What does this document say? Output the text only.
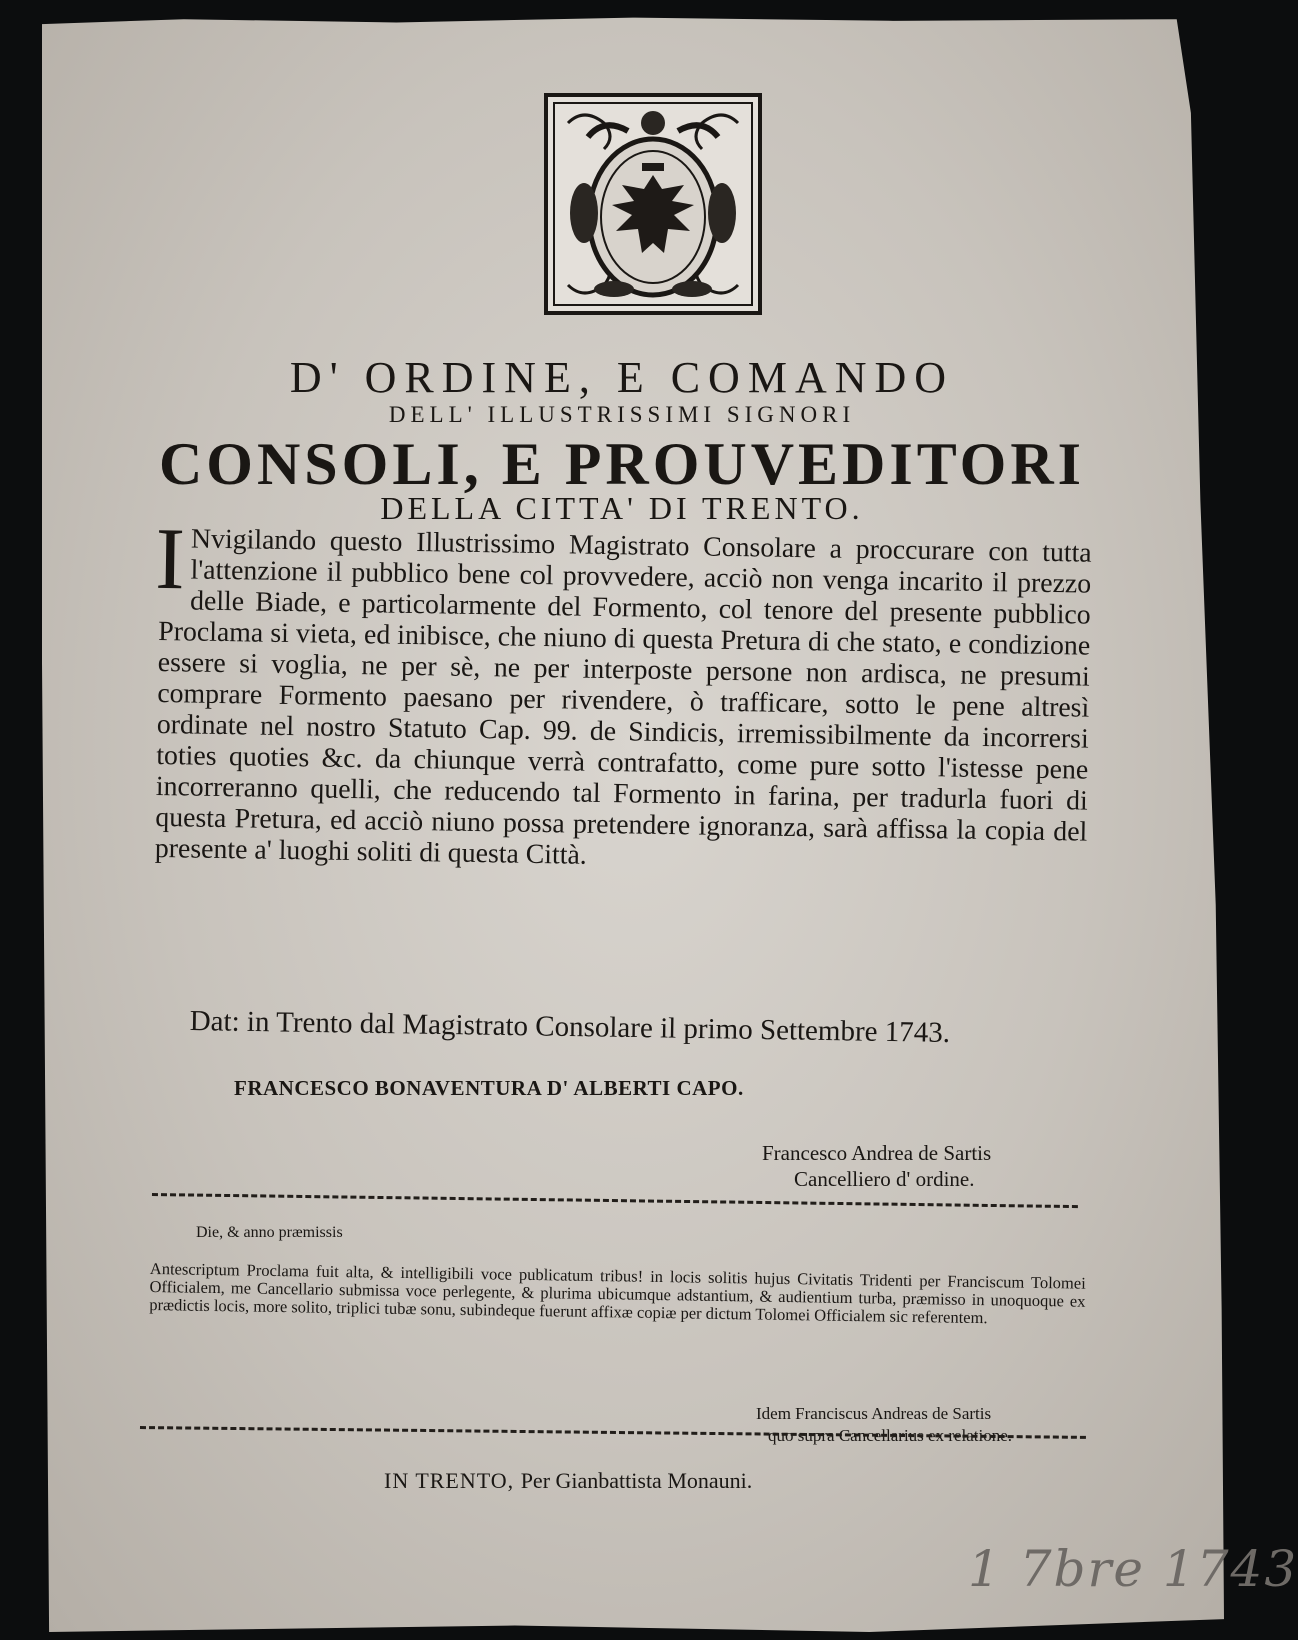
D' ORDINE, E COMANDO
DELL' ILLUSTRISSIMI SIGNORI
CONSOLI, E PROUVEDITORI
DELLA CITTA' DI TRENTO.
I Nvigilando questo Illustrissimo Magistrato Consolare a proccurare con tutta l'attenzione il pubblico bene col provvedere, acciò non venga incarito il prezzo delle Biade, e particolarmente del Formento, col tenore del presente pubblico Proclama si vieta, ed inibisce, che niuno di questa Pretura di che stato, e condizione essere si voglia, ne per sè, ne per interposte persone non ardisca, ne presumi comprare Formento paesano per rivendere, ò trafficare, sotto le pene altresì ordinate nel nostro Statuto Cap. 99. de Sindicis, irremissibilmente da incorrersi toties quoties &c. da chiunque verrà contrafatto, come pure sotto l'istesse pene incorreranno quelli, che reducendo tal Formento in farina, per tradurla fuori di questa Pretura, ed acciò niuno possa pretendere ignoranza, sarà affissa la copia del presente a' luoghi soliti di questa Città.
Dat: in Trento dal Magistrato Consolare il primo Settembre 1743.
FRANCESCO BONAVENTURA D' ALBERTI CAPO.
Francesco Andrea de Sartis
Cancelliero d' ordine.
Die, & anno præmissis
Antescriptum Proclama fuit alta, & intelligibili voce publicatum tribus! in locis solitis hujus Civitatis Tridenti per Franciscum Tolomei Officialem, me Cancellario submissa voce perlegente, & plurima ubicumque adstantium, & audientium turba, præmisso in unoquoque ex prædictis locis, more solito, triplici tubæ sonu, subindeque fuerunt affixæ copiæ per dictum Tolomei Officialem sic referentem.
Idem Franciscus Andreas de Sartis
quo supra Cancellarius ex relatione.
IN TRENTO, Per Gianbattista Monauni.
1 7bre 1743
